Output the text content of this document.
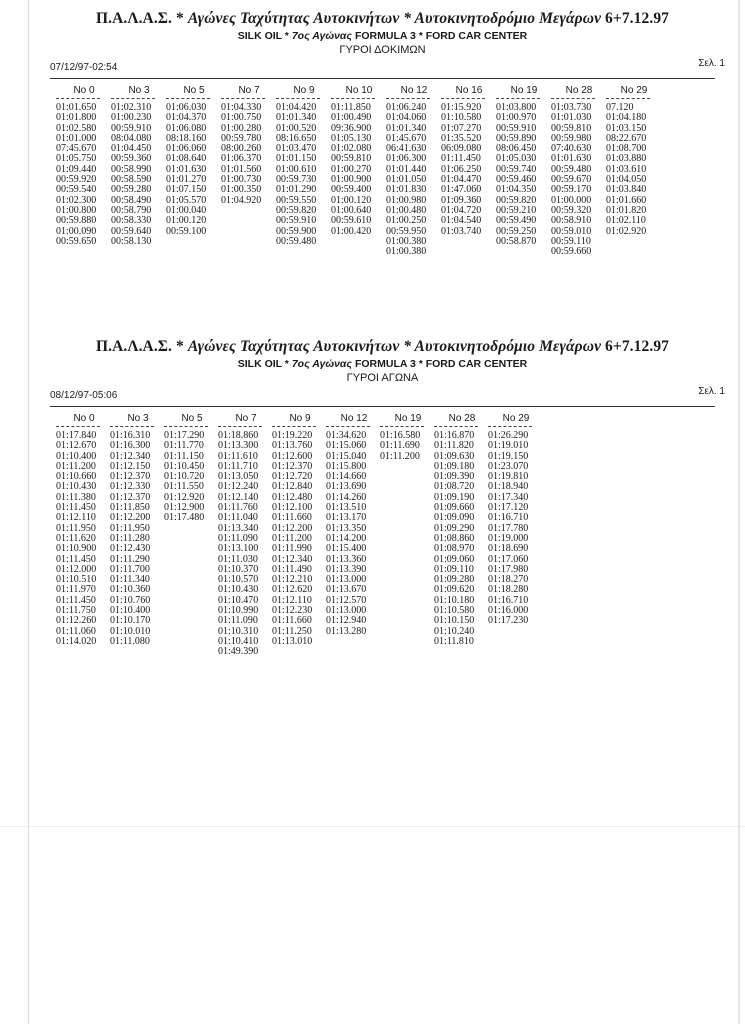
Π.Α.Λ.Α.Σ. * Αγώνες Ταχύτητας Αυτοκινήτων * Αυτοκινητοδρόμιο Μεγάρων 6+7.12.97
SILK OIL * 7ος Αγώνας FORMULA 3 * FORD CAR CENTER
ΓΥΡΟΙ ΔΟΚΙΜΩΝ
07/12/97-02:54	Σελ. 1
No 0
01:01.650
01:01.800
01:02.580
01:01.000
07:45.670
01:05.750
01:09.440
00:59.920
00:59.540
01:02.300
01:00.800
00:59.880
01:00.090
00:59.650
No 3
01:02.310
01:00.230
00:59.910
08:04.080
01:04.450
00:59.360
00:58.990
00:58.590
00:59.280
00:58.490
00:58.790
00:58.330
00:59.640
00:58.130
No 5
01:06.030
01:04.370
01:06.080
08:18.160
01:06.060
01:08.640
01:01.630
01:01.270
01:07.150
01:05.570
01:00.040
01:00.120
00:59.100
No 7
01:04.330
01:00.750
01:00.280
00:59.780
08:00.260
01:06.370
01:01.560
01:00.730
01:00.350
01:04.920
No 9
01:04.420
01:01.340
01:00.520
08:16.650
01:03.470
01:01.150
01:00.610
00:59.730
01:01.290
00:59.550
00:59.820
00:59.910
00:59.900
00:59.480
No 10
01:11.850
01:00.490
09:36.900
01:05.130
01:02.080
00:59.810
01:00.270
01:00.900
00:59.400
01:00.120
01:00.640
00:59.610
01:00.420
No 12
01:06.240
01:04.060
01:01.340
01:45.670
06:41.630
01:06.300
01:01.440
01:01.050
01:01.830
01:00.980
01:00.480
01:00.250
00:59.950
01:00.380
01:00.380
No 16
01:15.920
01:10.580
01:07.270
01:35.520
06:09.080
01:11.450
01:06.250
01:04.470
01:47.060
01:09.360
01:04.720
01:04.540
01:03.740
No 19
01:03.800
01:00.970
00:59.910
00:59.890
08:06.450
01:05.030
00:59.740
00:59.460
01:04.350
00:59.820
00:59.210
00:59.490
00:59.250
00:58.870
No 28
01:03.730
01:01.030
00:59.810
00:59.980
07:40.630
01:01.630
00:59.480
00:59.670
00:59.170
01:00.000
00:59.320
00:58.910
00:59.010
00:59.110
00:59.660
No 29
07.120
01:04.180
01:03.150
08:22.670
01:08.700
01:03.880
01:03.610
01:04.050
01:03.840
01:01.660
01:01.820
01:02.110
01:02.920
Π.Α.Λ.Α.Σ. * Αγώνες Ταχύτητας Αυτοκινήτων * Αυτοκινητοδρόμιο Μεγάρων 6+7.12.97
SILK OIL * 7ος Αγώνας FORMULA 3 * FORD CAR CENTER
ΓΥΡΟΙ ΑΓΩΝΑ
08/12/97-05:06	Σελ. 1
No 0
01:17.840
01:12.670
01:10.400
01:11.200
01:10.660
01:10.430
01:11.380
01:11.450
01:12.110
01:11.950
01:11.620
01:10.900
01:11.450
01:12.000
01:10.510
01:11.970
01:11.450
01:11.750
01:12.260
01:11.060
01:14.020
No 3
01:16.310
01:16.300
01:12.340
01:12.150
01:12.370
01:12.330
01:12.370
01:11.850
01:12.200
01:11.950
01:11.280
01:12.430
01:11.290
01:11.700
01:11.340
01:10.360
01:10.760
01:10.400
01:10.170
01:10.010
01:11.080
No 5
01:17.290
01:11.770
01:11.150
01:10.450
01:10.720
01:11.550
01:12.920
01:12.900
01:17.480
No 7
01:18.860
01:13.300
01:11.610
01:11.710
01:13.050
01:12.240
01:12.140
01:11.760
01:11.040
01:13.340
01:11.090
01:13.100
01:11.030
01:10.370
01:10.570
01:10.430
01:10.470
01:10.990
01:11.090
01:10.310
01:10.410
01:49.390
No 9
01:19.220
01:13.760
01:12.600
01:12.370
01:12.720
01:12.840
01:12.480
01:12.100
01:11.660
01:12.200
01:11.200
01:11.990
01:12.340
01:11.490
01:12.210
01:12.620
01:12.110
01:12.230
01:11.660
01:11.250
01:13.010
No 12
01:34.620
01:15.060
01:15.040
01:15.800
01:14.660
01:13.690
01:14.260
01:13.510
01:13.170
01:13.350
01:14.200
01:15.400
01:13.360
01:13.390
01:13.000
01:13.670
01:12.570
01:13.000
01:12.940
01:13.280
No 19
01:16.580
01:11.690
01:11.200
No 28
01:16.870
01:11.820
01:09.630
01:09.180
01:09.390
01:08.720
01:09.190
01:09.660
01:09.090
01:09.290
01:08.860
01:08.970
01:09.060
01:09.110
01:09.280
01:09.620
01:10.180
01:10.580
01:10.150
01:10.240
01:11.810
No 29
01:26.290
01:19.010
01:19.150
01:23.070
01:19.810
01:18.940
01:17.340
01:17.120
01:16.710
01:17.780
01:19.000
01:18.690
01:17.060
01:17.980
01:18.270
01:18.280
01:16.710
01:16.000
01:17.230
